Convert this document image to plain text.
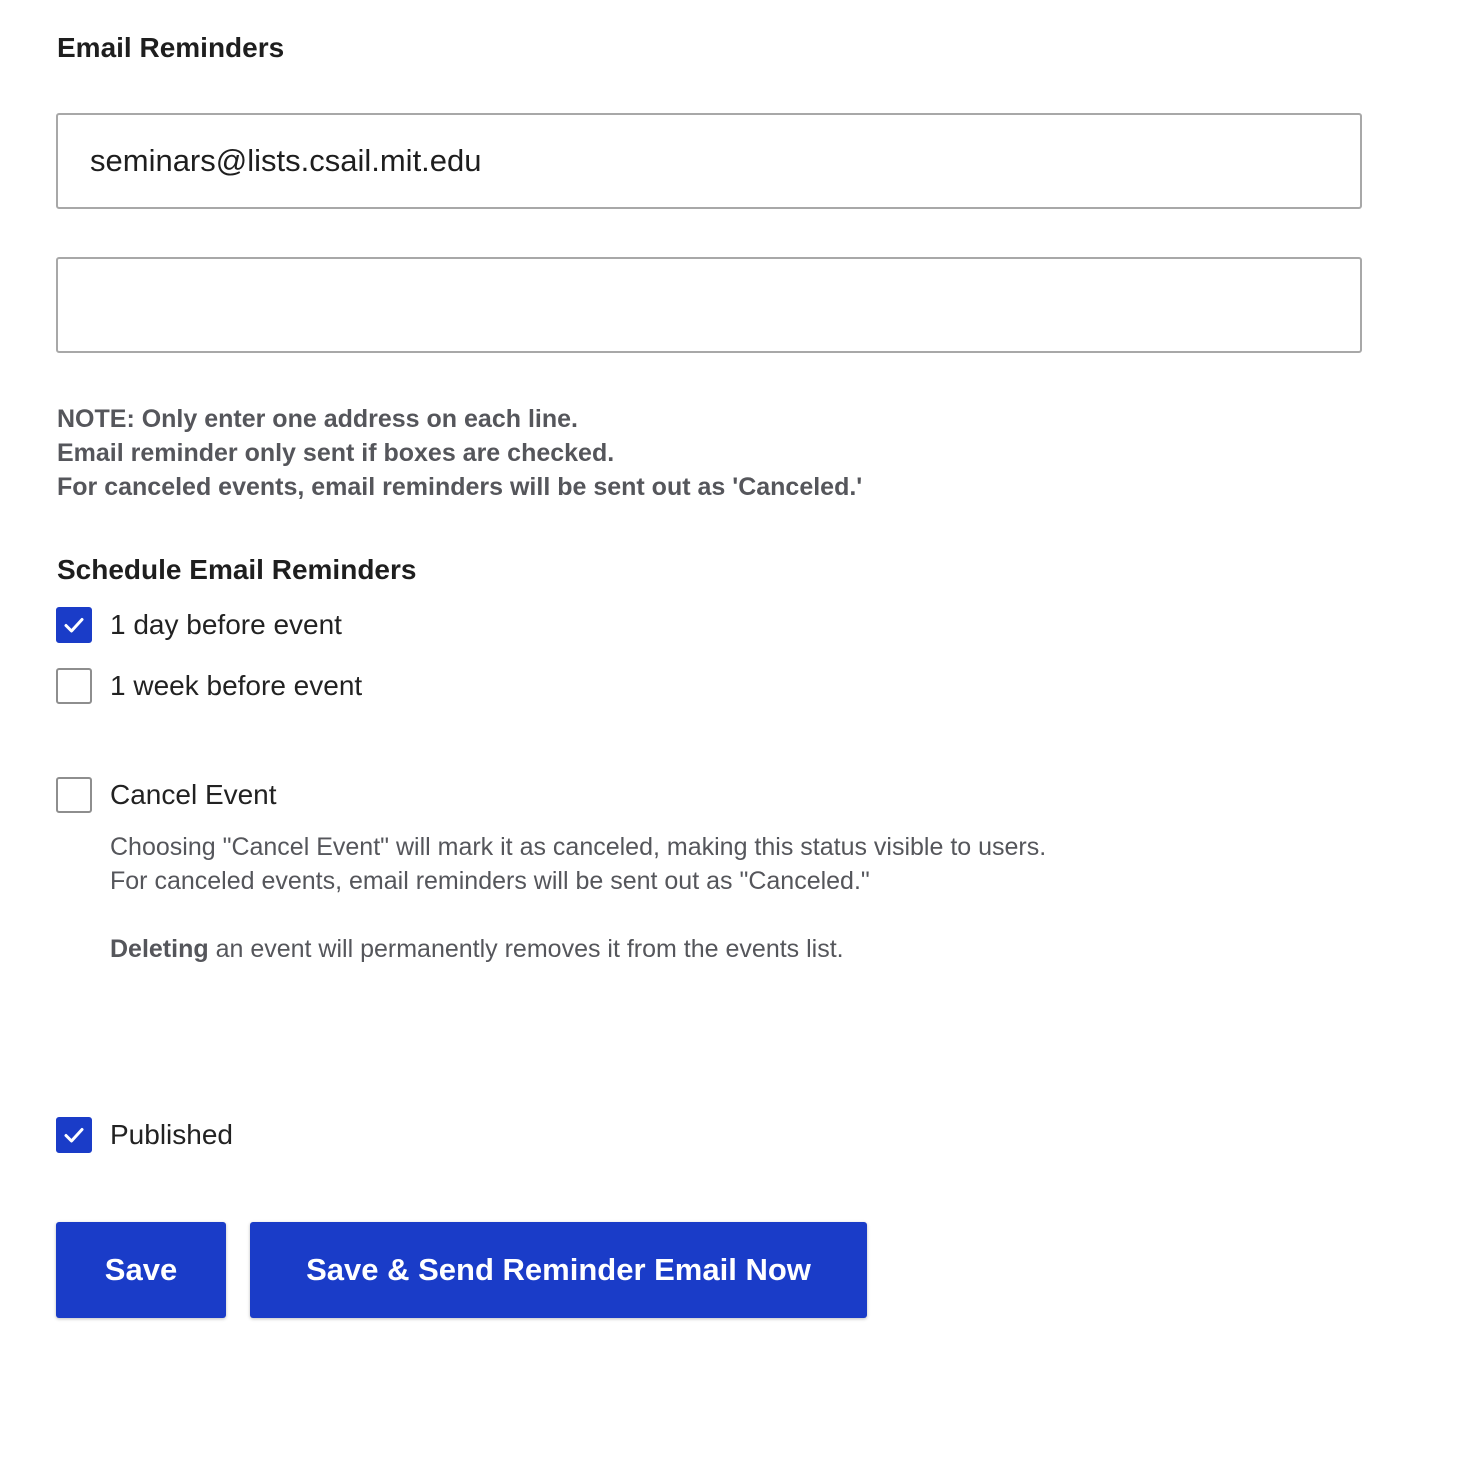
Email Reminders
seminars@lists.csail.mit.edu
NOTE: Only enter one address on each line.
Email reminder only sent if boxes are checked.
For canceled events, email reminders will be sent out as 'Canceled.'
Schedule Email Reminders
1 day before event
1 week before event
Cancel Event
Choosing "Cancel Event" will mark it as canceled, making this status visible to users.
For canceled events, email reminders will be sent out as "Canceled."
Deleting an event will permanently removes it from the events list.
Published
Save	Save & Send Reminder Email Now
